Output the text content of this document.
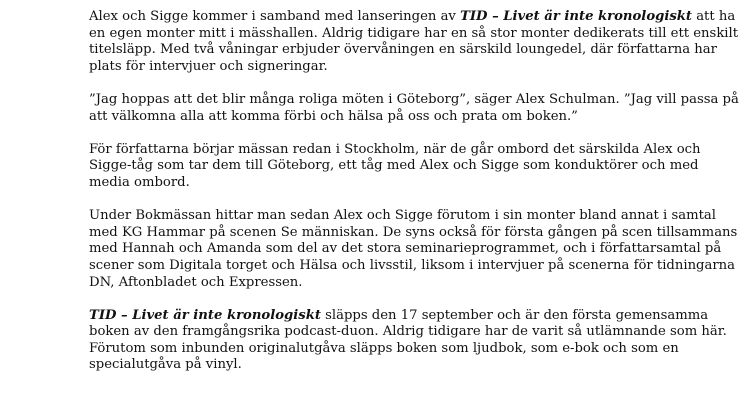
Alex och Sigge kommer i samband med lanseringen av TID – Livet är inte kronologiskt att ha en egen monter mitt i mässhallen. Aldrig tidigare har en så stor monter dedikerats till ett enskilt titelsläpp. Med två våningar erbjuder övervåningen en särskild loungedel, där författarna har plats för intervjuer och signeringar.

”Jag hoppas att det blir många roliga möten i Göteborg”, säger Alex Schulman. ”Jag vill passa på att välkomna alla att komma förbi och hälsa på oss och prata om boken.”

För författarna börjar mässan redan i Stockholm, när de går ombord det särskilda Alex och Sigge-tåg som tar dem till Göteborg, ett tåg med Alex och Sigge som konduktörer och med media ombord.

Under Bokmässan hittar man sedan Alex och Sigge förutom i sin monter bland annat i samtal med KG Hammar på scenen Se människan. De syns också för första gången på scen tillsammans med Hannah och Amanda som del av det stora seminarieprogrammet, och i författarsamtal på scener som Digitala torget och Hälsa och livsstil, liksom i intervjuer på scenerna för tidningarna DN, Aftonbladet och Expressen.

TID – Livet är inte kronologiskt släpps den 17 september och är den första gemensamma boken av den framgångsrika podcast-duon. Aldrig tidigare har de varit så utlämnande som här. Förutom som inbunden originalutgåva släpps boken som ljudbok, som e-bok och som en specialutgåva på vinyl.
